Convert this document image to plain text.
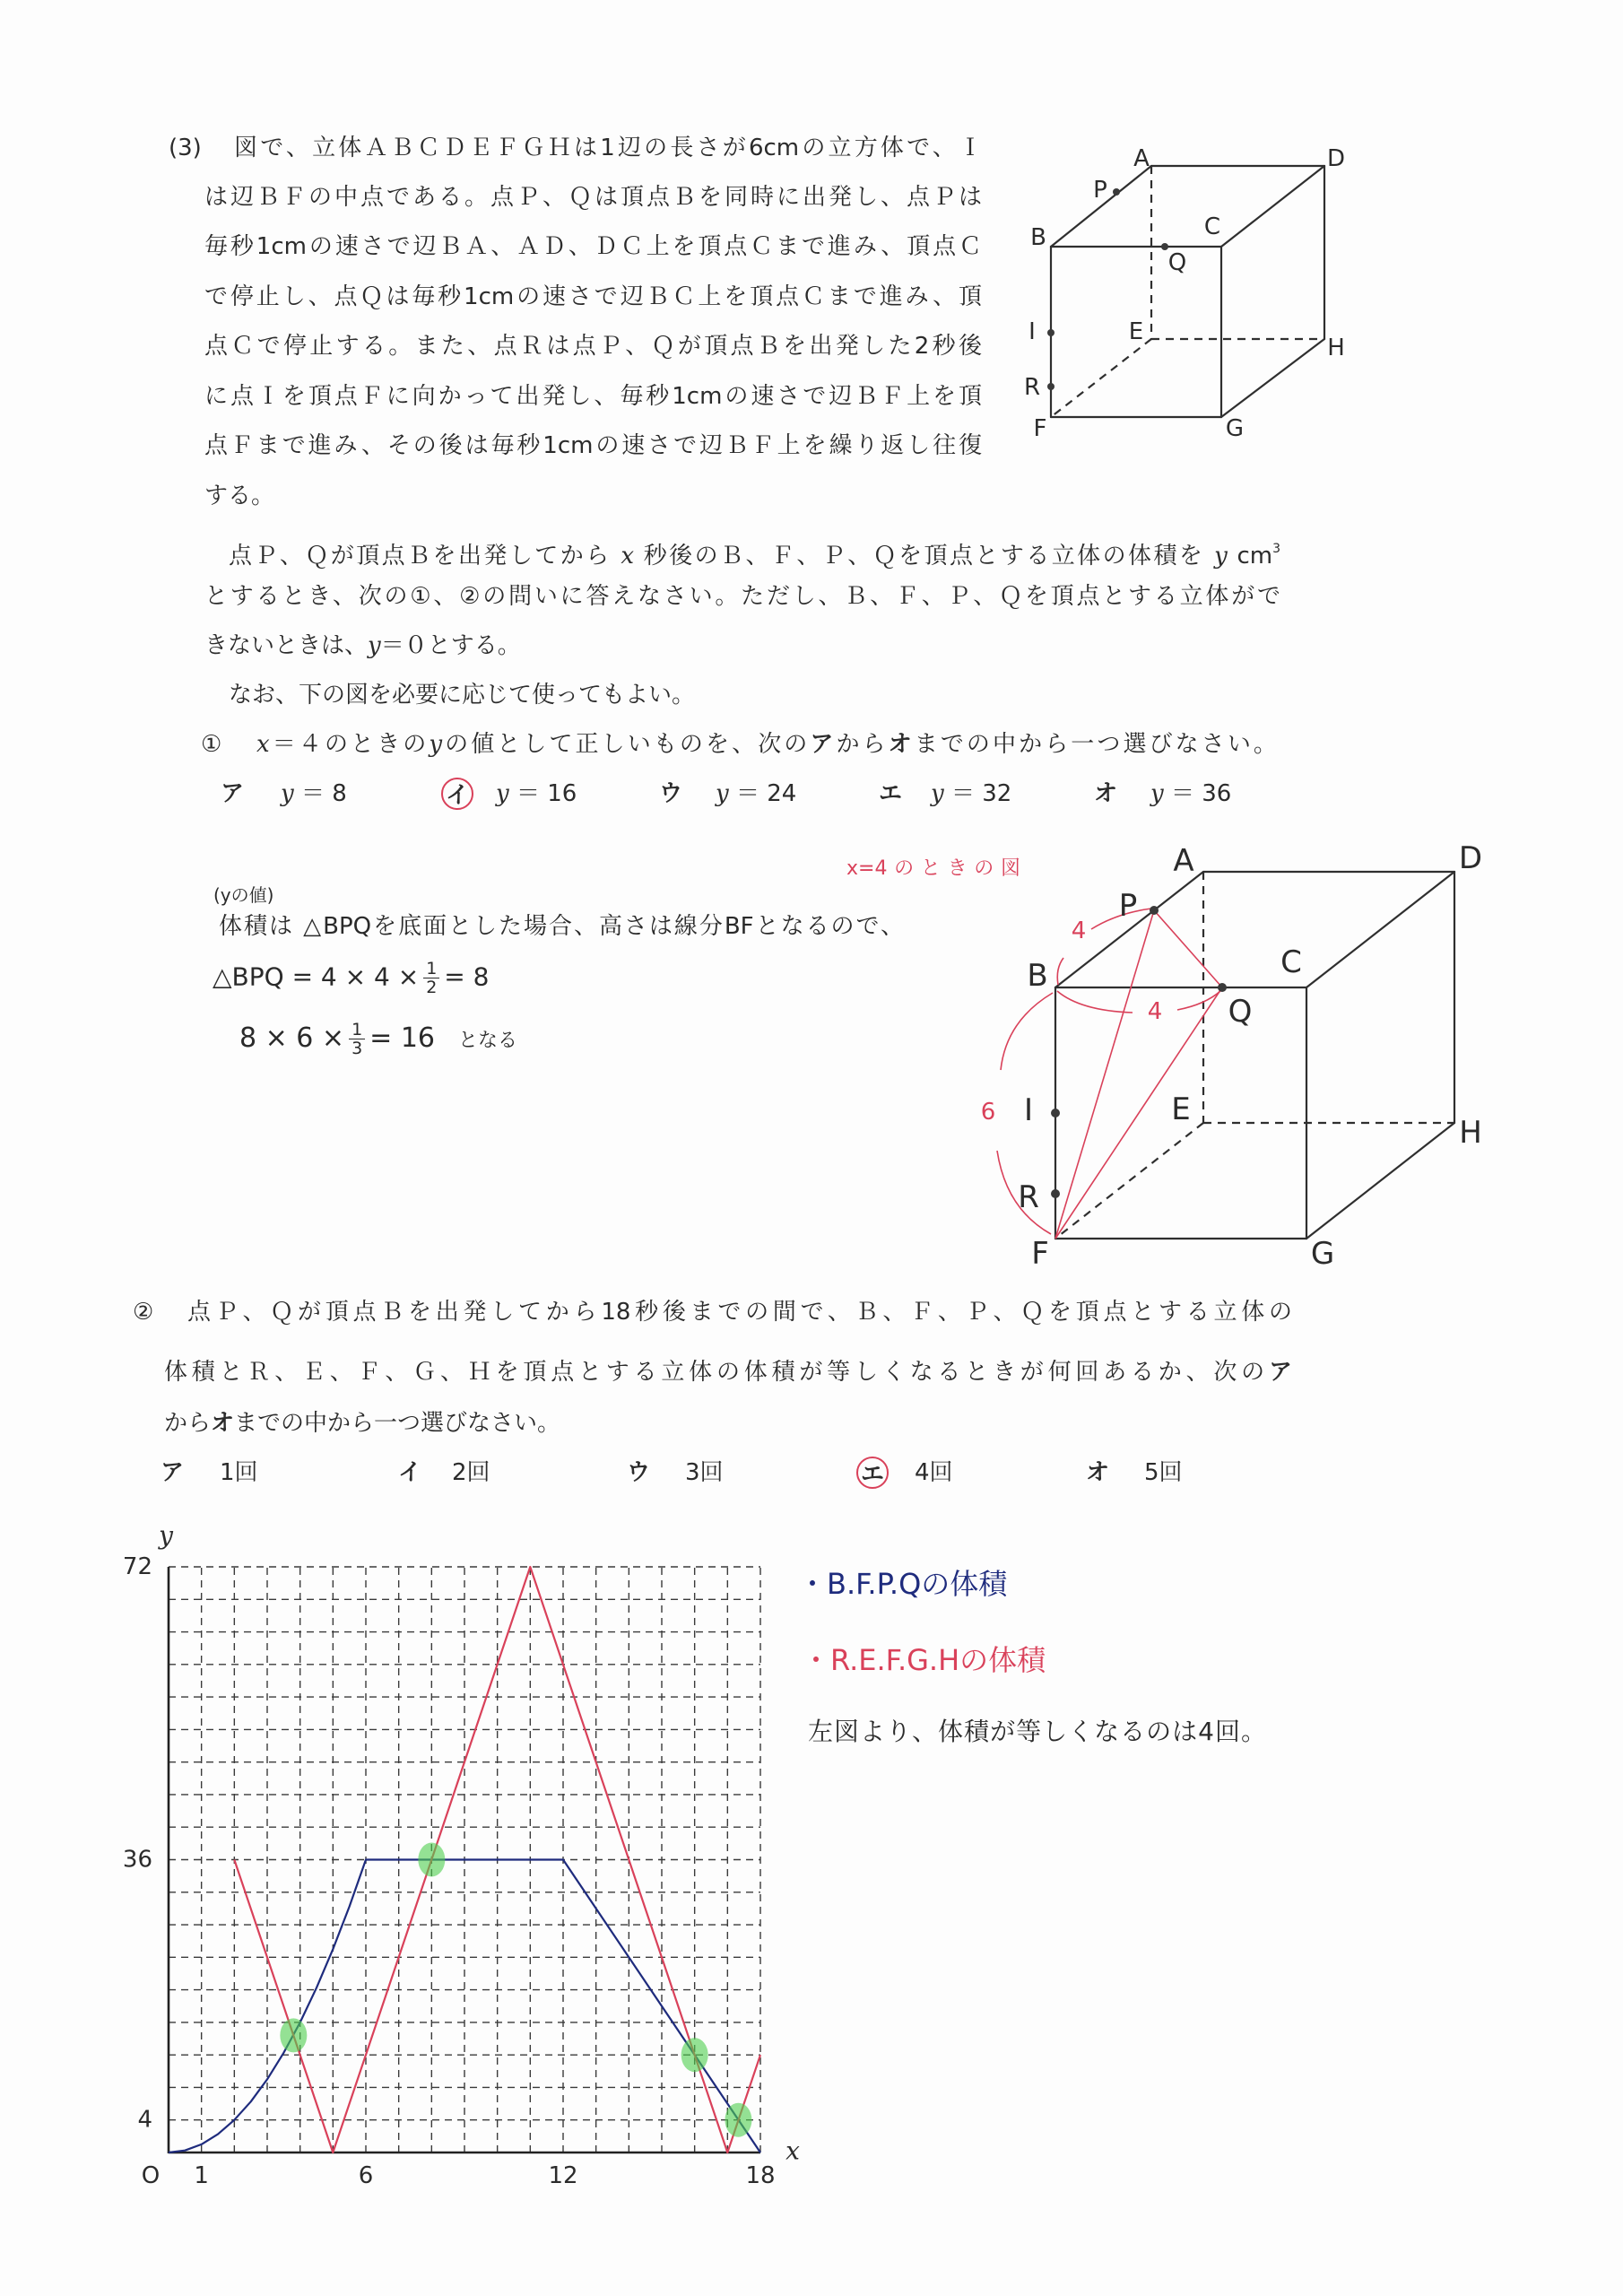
(3) 図で、立体ＡＢＣＤＥＦＧＨは1辺の長さが6cmの立方体で、Ｉ
は辺ＢＦの中点である。点Ｐ、Ｑは頂点Ｂを同時に出発し、点Ｐは
毎秒1cmの速さで辺ＢＡ、ＡＤ、ＤＣ上を頂点Ｃまで進み、頂点Ｃ
で停止し、点Ｑは毎秒1cmの速さで辺ＢＣ上を頂点Ｃまで進み、頂
点Ｃで停止する。また、点Ｒは点Ｐ、Ｑが頂点Ｂを出発した2秒後
に点Ｉを頂点Ｆに向かって出発し、毎秒1cmの速さで辺ＢＦ上を頂
点Ｆまで進み、その後は毎秒1cmの速さで辺ＢＦ上を繰り返し往復
する。
A
B	C
D
E
F	G
H
P
Q
I
R
点Ｐ、Ｑが頂点Ｂを出発してから x 秒後のＢ、Ｆ、Ｐ、Ｑを頂点とする立体の体積を y $cm^3$
とするとき、次の①、②の問いに答えなさい。ただし、Ｂ、Ｆ、Ｐ、Ｑを頂点とする立体がで
きないときは、y＝０とする。
なお、下の図を必要に応じて使ってもよい。
① x＝４のときのyの値として正しいものを、次のアからオまでの中から一つ選びなさい。
ア y ＝ 8	イ y ＝ 16	ウ y ＝ 24	エ y ＝ 32	オ y ＝ 36
x=4のときの図
(yの値)
体積は △BPQを底面とした場合、高さは線分BFとなるので、
△BPQ = $4 \times 4 \times \frac{1}{2} = 8$
$8 \times 6 \times \frac{1}{3} = 16$ となる
4
4
6
A
B	C
D
E
F	G
H
P
Q
I
R
② 点Ｐ、Ｑが頂点Ｂを出発してから18秒後までの間で、Ｂ、Ｆ、Ｐ、Ｑを頂点とする立体の
体積とＲ、Ｅ、Ｆ、Ｇ、Ｈを頂点とする立体の体積が等しくなるときが何回あるか、次のア
からオまでの中から一つ選びなさい。
ア 1回	イ 2回	ウ 3回	エ 4回	オ 5回
y
x
O 1	6	12	18
4
36
72	・B.F.P.Qの体積
・R.E.F.G.Hの体積
左図より、体積が等しくなるのは4回。
